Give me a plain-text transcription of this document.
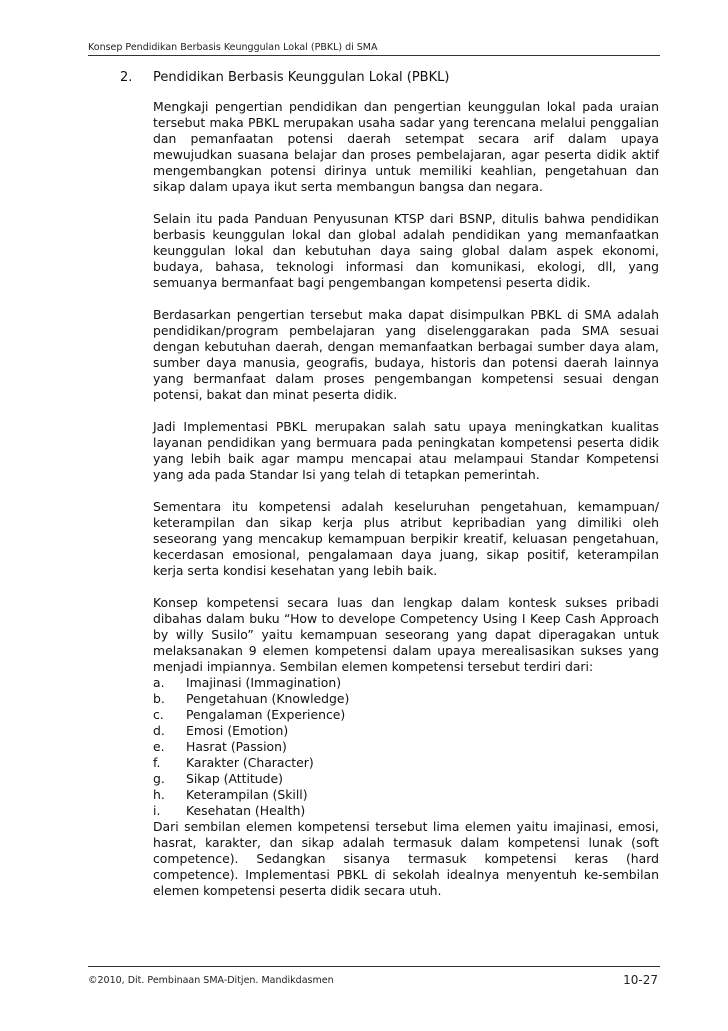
Konsep Pendidikan Berbasis Keunggulan Lokal (PBKL) di SMA
2. Pendidikan Berbasis Keunggulan Lokal (PBKL)

Mengkaji pengertian pendidikan dan pengertian keunggulan lokal pada uraian tersebut maka PBKL merupakan usaha sadar yang terencana melalui penggalian dan pemanfaatan potensi daerah setempat secara arif dalam upaya mewujudkan suasana belajar dan proses pembelajaran, agar peserta didik aktif mengembangkan potensi dirinya untuk memiliki keahlian, pengetahuan dan sikap dalam upaya ikut serta membangun bangsa dan negara.

Selain itu pada Panduan Penyusunan KTSP dari BSNP, ditulis bahwa pendidikan berbasis keunggulan lokal dan global adalah pendidikan yang memanfaatkan keunggulan lokal dan kebutuhan daya saing global dalam aspek ekonomi, budaya, bahasa, teknologi informasi dan komunikasi, ekologi, dll, yang semuanya bermanfaat bagi pengembangan kompetensi peserta didik.

Berdasarkan pengertian tersebut maka dapat disimpulkan PBKL di SMA adalah pendidikan/program pembelajaran yang diselenggarakan pada SMA sesuai dengan kebutuhan daerah, dengan memanfaatkan berbagai sumber daya alam, sumber daya manusia, geografis, budaya, historis dan potensi daerah lainnya yang bermanfaat dalam proses pengembangan kompetensi sesuai dengan potensi, bakat dan minat peserta didik.

Jadi Implementasi PBKL merupakan salah satu upaya meningkatkan kualitas layanan pendidikan yang bermuara pada peningkatan kompetensi peserta didik yang lebih baik agar mampu mencapai atau melampaui Standar Kompetensi yang ada pada Standar Isi yang telah di tetapkan pemerintah.

Sementara itu kompetensi adalah keseluruhan pengetahuan, kemampuan/ keterampilan dan sikap kerja plus atribut kepribadian yang dimiliki oleh seseorang yang mencakup kemampuan berpikir kreatif, keluasan pengetahuan, kecerdasan emosional, pengalamaan daya juang, sikap positif, keterampilan kerja serta kondisi kesehatan yang lebih baik.

Konsep kompetensi secara luas dan lengkap dalam kontesk sukses pribadi dibahas dalam buku “How to develope Competency Using I Keep Cash Approach by willy Susilo” yaitu kemampuan seseorang yang dapat diperagakan untuk melaksanakan 9 elemen kompetensi dalam upaya merealisasikan sukses yang menjadi impiannya. Sembilan elemen kompetensi tersebut terdiri dari:

a.	Imajinasi (Immagination)
b.	Pengetahuan (Knowledge)
c.	Pengalaman (Experience)
d.	Emosi (Emotion)
e.	Hasrat (Passion)
f.	Karakter (Character)
g.	Sikap (Attitude)
h.	Keterampilan (Skill)
i.	Kesehatan (Health)

Dari sembilan elemen kompetensi tersebut lima elemen yaitu imajinasi, emosi, hasrat, karakter, dan sikap adalah termasuk dalam kompetensi lunak (soft competence). Sedangkan sisanya termasuk kompetensi keras (hard competence). Implementasi PBKL di sekolah idealnya menyentuh ke-sembilan elemen kompetensi peserta didik secara utuh.

©2010, Dit. Pembinaan SMA-Ditjen. Mandikdasmen	10-27
